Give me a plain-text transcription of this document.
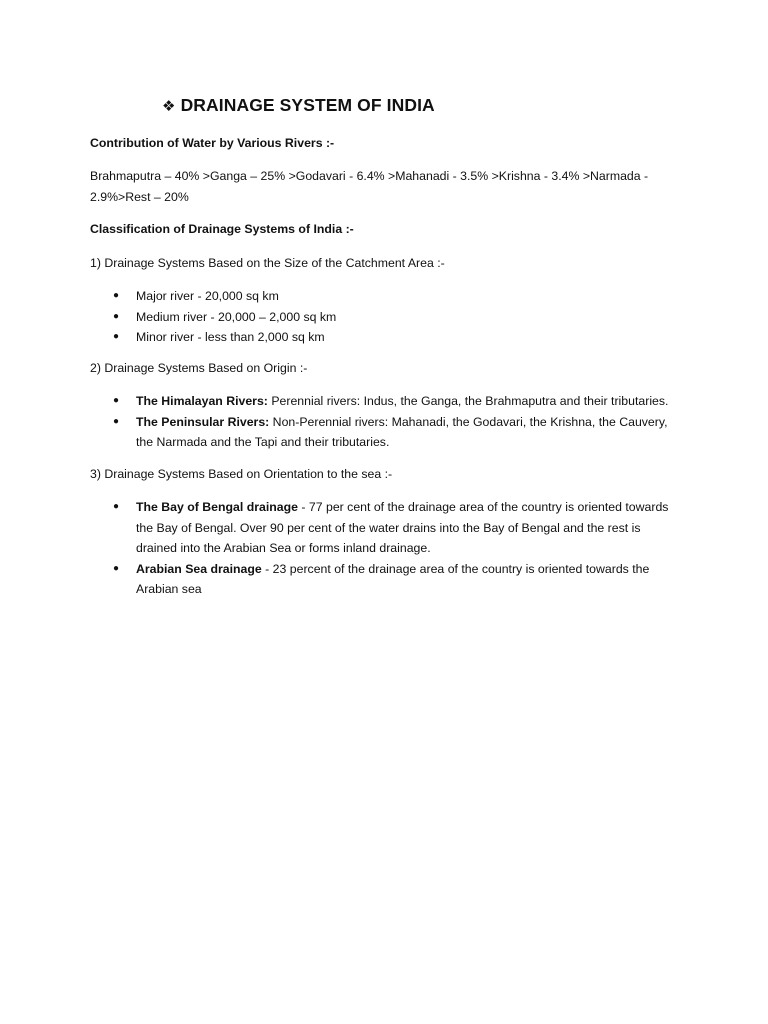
❖ DRAINAGE SYSTEM OF INDIA
Contribution of Water by Various Rivers :-
Brahmaputra – 40% >Ganga – 25% >Godavari - 6.4% >Mahanadi - 3.5% >Krishna - 3.4% >Narmada -
2.9%>Rest – 20%
Classification of Drainage Systems of India :-
1) Drainage Systems Based on the Size of the Catchment Area :-
● Major river - 20,000 sq km
● Medium river - 20,000 – 2,000 sq km
● Minor river - less than 2,000 sq km
2) Drainage Systems Based on Origin :-
● The Himalayan Rivers: Perennial rivers: Indus, the Ganga, the Brahmaputra and their tributaries.
● The Peninsular Rivers: Non-Perennial rivers: Mahanadi, the Godavari, the Krishna, the Cauvery,
the Narmada and the Tapi and their tributaries.
3) Drainage Systems Based on Orientation to the sea :-
● The Bay of Bengal drainage - 77 per cent of the drainage area of the country is oriented towards
the Bay of Bengal. Over 90 per cent of the water drains into the Bay of Bengal and the rest is
drained into the Arabian Sea or forms inland drainage.
● Arabian Sea drainage - 23 percent of the drainage area of the country is oriented towards the
Arabian sea
